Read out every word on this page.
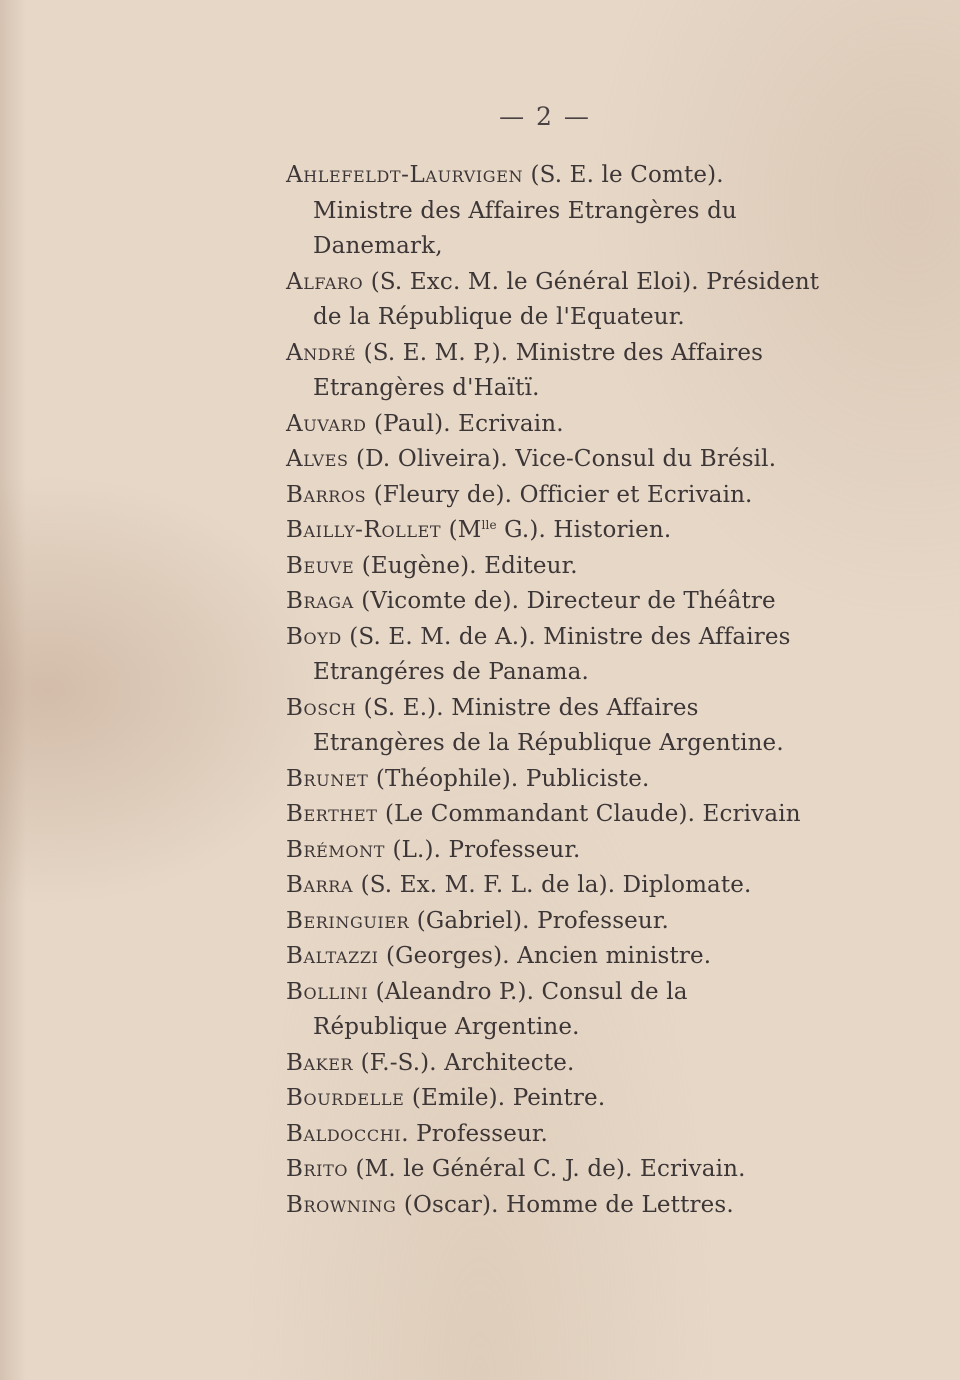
— 2 —

Ahlefeldt-Laurvigen (S. E. le Comte). Ministre des Affaires Etrangères du Danemark,

Alfaro (S. Exc. M. le Général Eloi). Président de la République de l'Equateur.

André (S. E. M. P,). Ministre des Affaires Etrangères d'Haïtï.

Auvard (Paul). Ecrivain.

Alves (D. Oliveira). Vice-Consul du Brésil.

Barros (Fleury de). Officier et Ecrivain.

Bailly-Rollet ($M^{lle}$ G.). Historien.

Beuve (Eugène). Editeur.

Braga (Vicomte de). Directeur de Théâtre

Boyd (S. E. M. de A.). Ministre des Affaires Etrangéres de Panama.

Bosch (S. E.). Ministre des Affaires Etrangères de la République Argentine.

Brunet (Théophile). Publiciste.

Berthet (Le Commandant Claude). Ecrivain

Brémont (L.). Professeur.

Barra (S. Ex. M. F. L. de la). Diplomate.

Beringuier (Gabriel). Professeur.

Baltazzi (Georges). Ancien ministre.

Bollini (Aleandro P.). Consul de la République Argentine.

Baker (F.-S.). Architecte.

Bourdelle (Emile). Peintre.

Baldocchi. Professeur.

Brito (M. le Général C. J. de). Ecrivain.

Browning (Oscar). Homme de Lettres.
